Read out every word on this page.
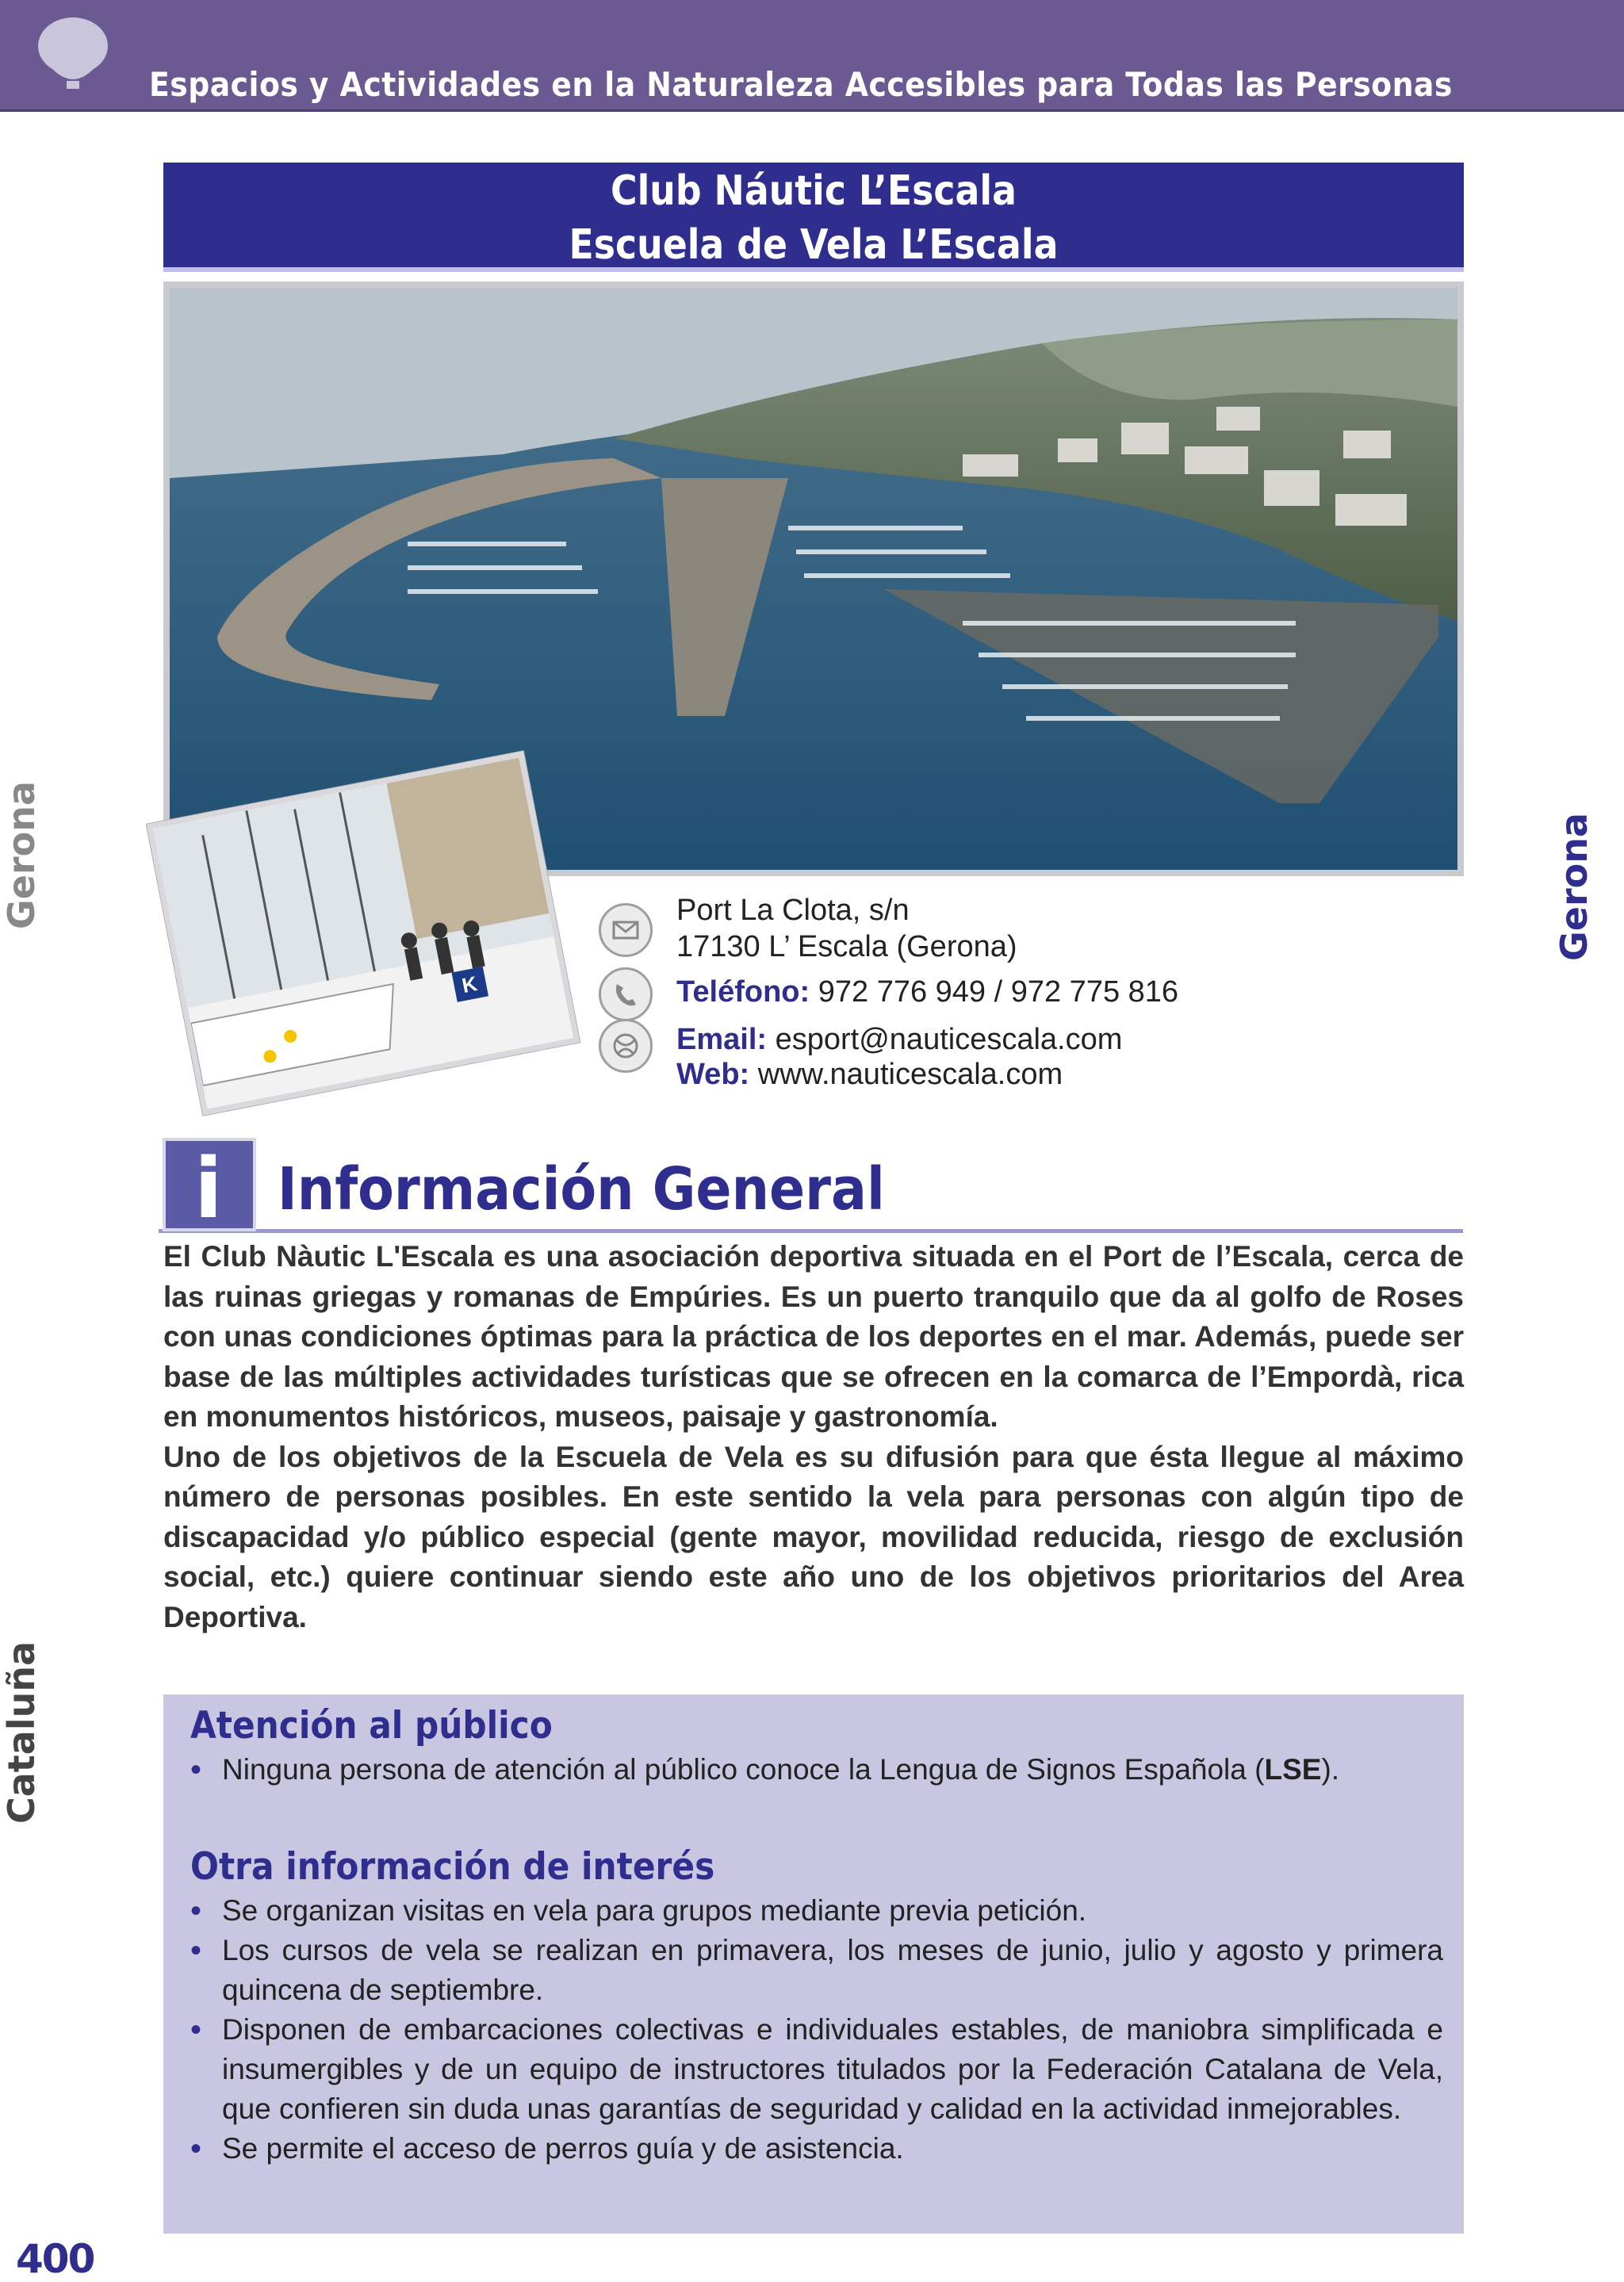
Espacios y Actividades en la Naturaleza Accesibles para Todas las Personas
Club Náutic L’Escala
Escuela de Vela L’Escala
Gerona
Cataluña
Gerona
K
Port La Clota, s/n
17130 L’ Escala (Gerona)
Teléfono: 972 776 949 / 972 775 816
Email: esport@nauticescala.com
Web: www.nauticescala.com
i Información General

El Club Nàutic L'Escala es una asociación deportiva situada en el Port de l’Escala, cerca de las ruinas griegas y romanas de Empúries. Es un puerto tranquilo que da al golfo de Roses con unas condiciones óptimas para la práctica de los deportes en el mar. Además, puede ser base de las múltiples actividades turísticas que se ofrecen en la comarca de l’Empordà, rica en monumentos históricos, museos, paisaje y gastronomía.

Uno de los objetivos de la Escuela de Vela es su difusión para que ésta llegue al máximo número de personas posibles. En este sentido la vela para personas con algún tipo de discapacidad y/o público especial (gente mayor, movilidad reducida, riesgo de exclusión social, etc.) quiere continuar siendo este año uno de los objetivos prioritarios del Area Deportiva.

Atención al público
• Ninguna persona de atención al público conoce la Lengua de Signos Española (LSE).
Otra información de interés
• Se organizan visitas en vela para grupos mediante previa petición.
• Los cursos de vela se realizan en primavera, los meses de junio, julio y agosto y primera quincena de septiembre.
• Disponen de embarcaciones colectivas e individuales estables, de maniobra simplificada e insumergibles y de un equipo de instructores titulados por la Federación Catalana de Vela, que confieren sin duda unas garantías de seguridad y calidad en la actividad inmejorables.
• Se permite el acceso de perros guía y de asistencia.
400
